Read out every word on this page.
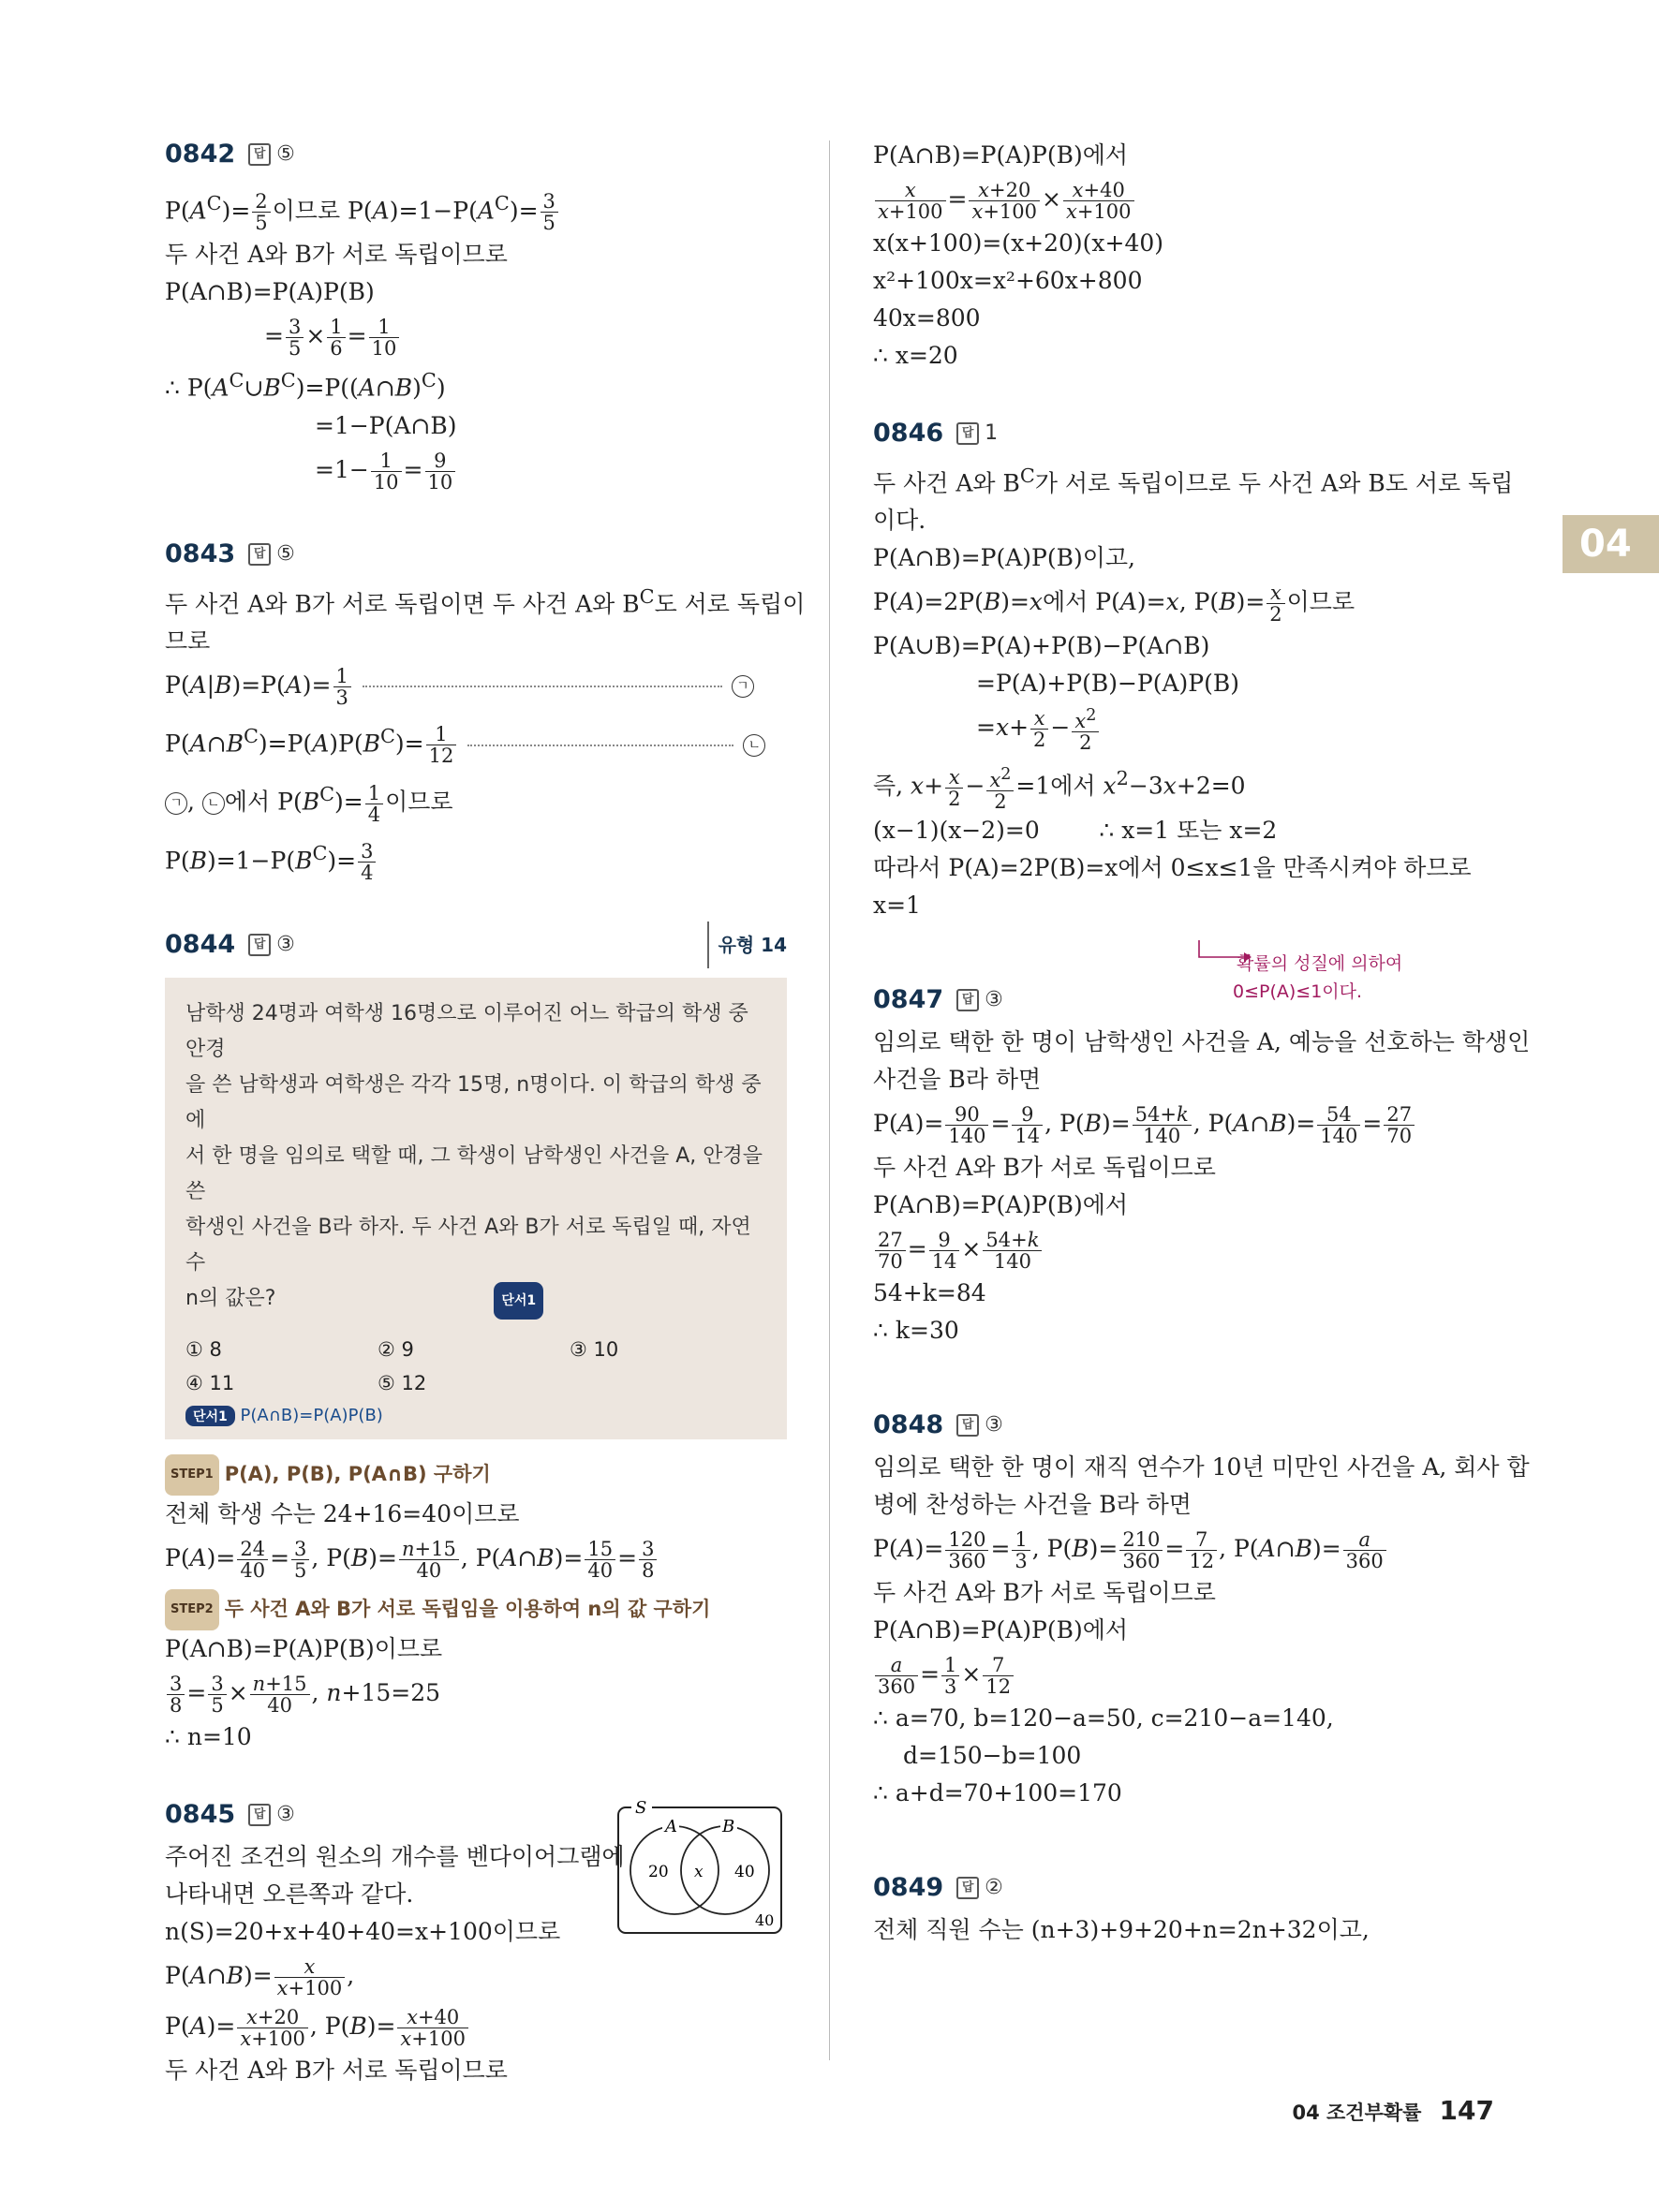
04
0842	답 ⑤
$P(A^C)= \frac{2}{5}$ 이므로 $P(A)=1-P(A^C)= \frac{3}{5}$
두 사건 A와 B가 서로 독립이므로
P(A∩B)=P(A)P(B)
= $\frac{3}{5} \times \frac{1}{6} = \frac{1}{10}$
∴ $P(A^C\cup B^C)=P((A\cap B)^C)$
=1−P(A∩B)
$=1- \frac{1}{10} = \frac{9}{10}$
0843	답 ⑤
두 사건 A와 B가 서로 독립이면 두 사건 A와 $B^C$도 서로 독립이
므로
$P(A|B)=P(A)= \frac{1}{3}$	ㄱ
$P(A\cap B^C)=P(A)P(B^C)= \frac{1}{12}$	ㄴ
ㄱ , ㄴ 에서 $P(B^C)= \frac{1}{4}$ 이므로
$P(B)=1-P(B^C)= \frac{3}{4}$
0844	답 ③	유형 14
남학생 24명과 여학생 16명으로 이루어진 어느 학급의 학생 중 안경
을 쓴 남학생과 여학생은 각각 15명, n명이다. 이 학급의 학생 중에
서 한 명을 임의로 택할 때, 그 학생이 남학생인 사건을 A, 안경을 쓴
학생인 사건을 B라 하자. 두 사건 A와 B가 서로 독립일 때, 자연수
n의 값은?	단서1
① 8	② 9	③ 10
④ 11	⑤ 12
단서1 P(A∩B)=P(A)P(B)
STEP1 P(A), P(B), P(A∩B) 구하기
전체 학생 수는 24+16=40이므로
$P(A)= \frac{24}{40} = \frac{3}{5}$ , $P(B)= \frac{n+15}{40}$ , P(A∩B)= $\frac{15}{40} = \frac{3}{8}$
STEP2 두 사건 A와 B가 서로 독립임을 이용하여 n의 값 구하기
P(A∩B)=P(A)P(B)이므로
$\frac{3}{8} = \frac{3}{5} \times \frac{n+15}{40}$ , n+15=25
∴ n=10
0845	답 ③
주어진 조건의 원소의 개수를 벤다이어그램에
나타내면 오른쪽과 같다.
n(S)=20+x+40+40=x+100이므로
P(A∩B)= $\frac{x}{x+100}$ ,
$P(A)= \frac{x+20}{x+100}$ , $P(B)= \frac{x+40}{x+100}$
두 사건 A와 B가 서로 독립이므로
S
A	B
20 x 40
40
P(A∩B)=P(A)P(B)에서
$\frac{x}{x+100} = \frac{x+20}{x+100} \times \frac{x+40}{x+100}$
x(x+100)=(x+20)(x+40)
x²+100x=x²+60x+800
40x=800
∴ x=20
0846	답 1
두 사건 A와 $B^C$가 서로 독립이므로 두 사건 A와 B도 서로 독립
이다.
P(A∩B)=P(A)P(B)이고,
P(A)=2P(B)=x에서 P(A)=x, $P(B)= \frac{x}{2}$ 이므로
P(A∪B)=P(A)+P(B)−P(A∩B)
=P(A)+P(B)−P(A)P(B)
$=x+ \frac{x}{2} - \frac{x^2}{2}$
즉, $x+ \frac{x}{2} - \frac{x^2}{2} =1$에서 $x^2-3x+2=0$
(x−1)(x−2)=0        ∴ x=1 또는 x=2
따라서 P(A)=2P(B)=x에서 0≤x≤1을 만족시켜야 하므로
x=1
확률의 성질에 의하여
0≤P(A)≤1이다.
0847	답 ③
임의로 택한 한 명이 남학생인 사건을 A, 예능을 선호하는 학생인
사건을 B라 하면
$P(A)= \frac{90}{140} = \frac{9}{14}$ , $P(B)= \frac{54+k}{140}$ , P(A∩B)= $\frac{54}{140} = \frac{27}{70}$
두 사건 A와 B가 서로 독립이므로
P(A∩B)=P(A)P(B)에서
$\frac{27}{70} = \frac{9}{14} \times \frac{54+k}{140}$
54+k=84
∴ k=30
0848	답 ③
임의로 택한 한 명이 재직 연수가 10년 미만인 사건을 A, 회사 합
병에 찬성하는 사건을 B라 하면
$P(A)= \frac{120}{360} = \frac{1}{3}$ , $P(B)= \frac{210}{360} = \frac{7}{12}$ , P(A∩B)= $\frac{a}{360}$
두 사건 A와 B가 서로 독립이므로
P(A∩B)=P(A)P(B)에서
$\frac{a}{360} = \frac{1}{3} \times \frac{7}{12}$
∴ a=70, b=120−a=50, c=210−a=140,
d=150−b=100
∴ a+d=70+100=170
0849	답 ②
전체 직원 수는 (n+3)+9+20+n=2n+32이고,
04 조건부확률 147
